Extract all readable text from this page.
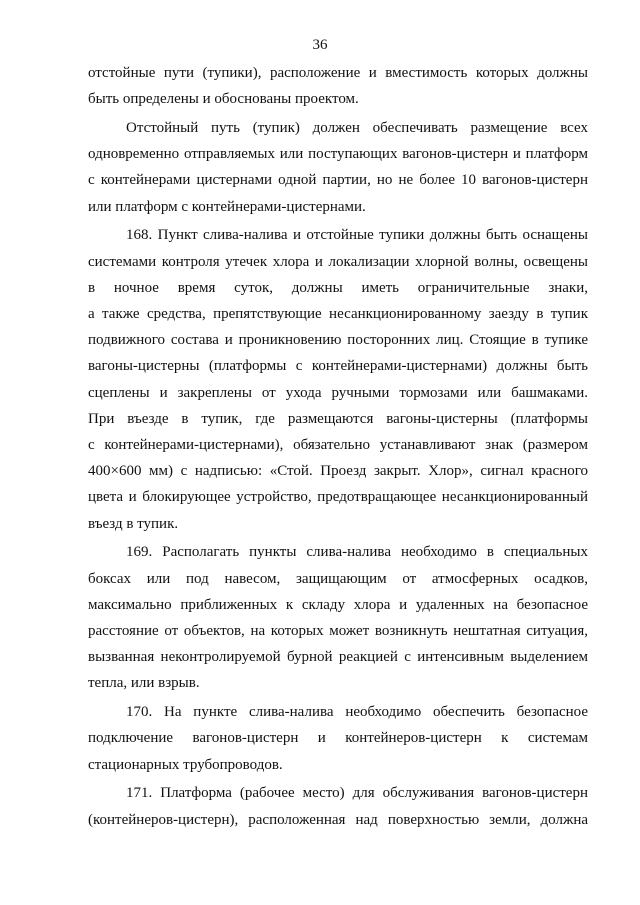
36

отстойные пути (тупики), расположение и вместимость которых должны
быть определены и обоснованы проектом.

Отстойный путь (тупик) должен обеспечивать размещение всех
одновременно отправляемых или поступающих вагонов-цистерн и платформ
с контейнерами цистернами одной партии, но не более 10 вагонов-цистерн
или платформ с контейнерами-цистернами.

168. Пункт слива-налива и отстойные тупики должны быть оснащены
системами контроля утечек хлора и локализации хлорной волны, освещены
в ночное время суток, должны иметь ограничительные знаки,
а также средства, препятствующие несанкционированному заезду в тупик
подвижного состава и проникновению посторонних лиц. Стоящие в тупике
вагоны-цистерны (платформы с контейнерами-цистернами) должны быть
сцеплены и закреплены от ухода ручными тормозами или башмаками.
При въезде в тупик, где размещаются вагоны-цистерны (платформы
с контейнерами-цистернами), обязательно устанавливают знак (размером
400×600 мм) с надписью: «Стой. Проезд закрыт. Хлор», сигнал красного
цвета и блокирующее устройство, предотвращающее несанкционированный
въезд в тупик.

169. Располагать пункты слива-налива необходимо в специальных
боксах или под навесом, защищающим от атмосферных осадков,
максимально приближенных к складу хлора и удаленных на безопасное
расстояние от объектов, на которых может возникнуть нештатная ситуация,
вызванная неконтролируемой бурной реакцией с интенсивным выделением
тепла, или взрыв.

170. На пункте слива-налива необходимо обеспечить безопасное
подключение вагонов-цистерн и контейнеров-цистерн к системам
стационарных трубопроводов.

171. Платформа (рабочее место) для обслуживания вагонов-цистерн
(контейнеров-цистерн), расположенная над поверхностью земли, должна
